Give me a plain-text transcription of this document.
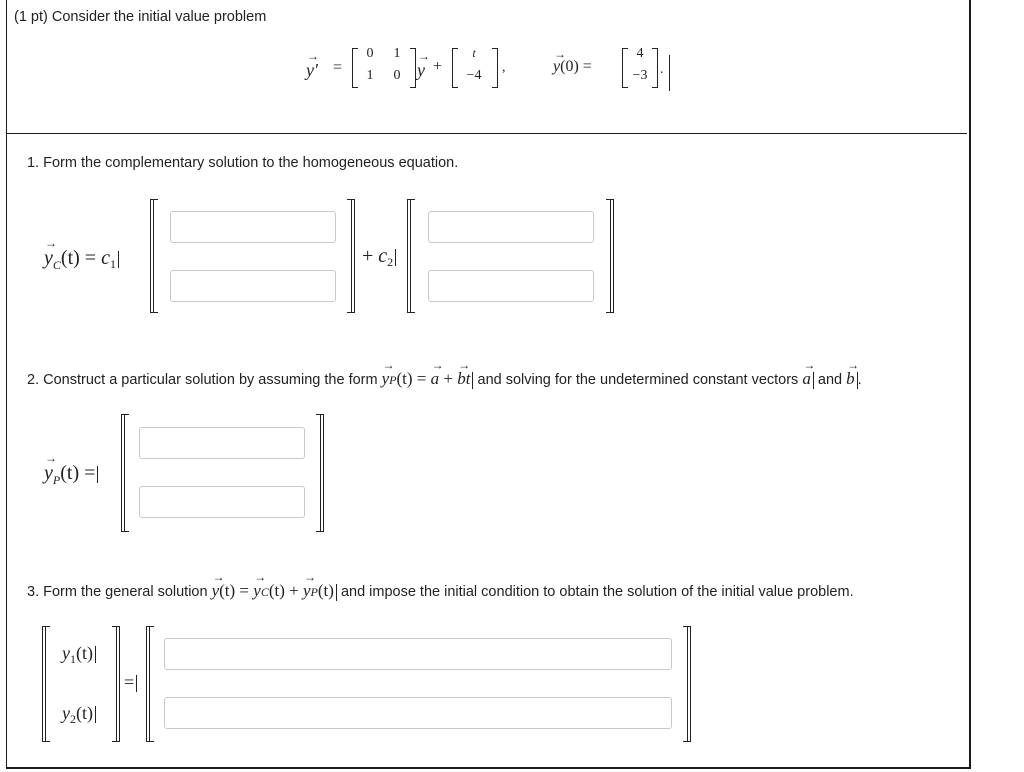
(1 pt) Consider the initial value problem
→ y′ =
0	1
1	0 → y +
t
−4
,	→ y(0) =
4
−3 .
1. Form the complementary solution to the homogeneous equation.
→ $y_C(t) = c_1$	+ $c_2$
2. Construct a particular solution by assuming the form → yP(t) = → a + → bt and solving for the undetermined constant vectors → a and → b .
→ $y_P(t)$ =
3. Form the general solution → y(t) = → yC(t) + → yP(t) and impose the initial condition to obtain the solution of the initial value problem.
$y_1(t)$
$y_2(t)$
=
